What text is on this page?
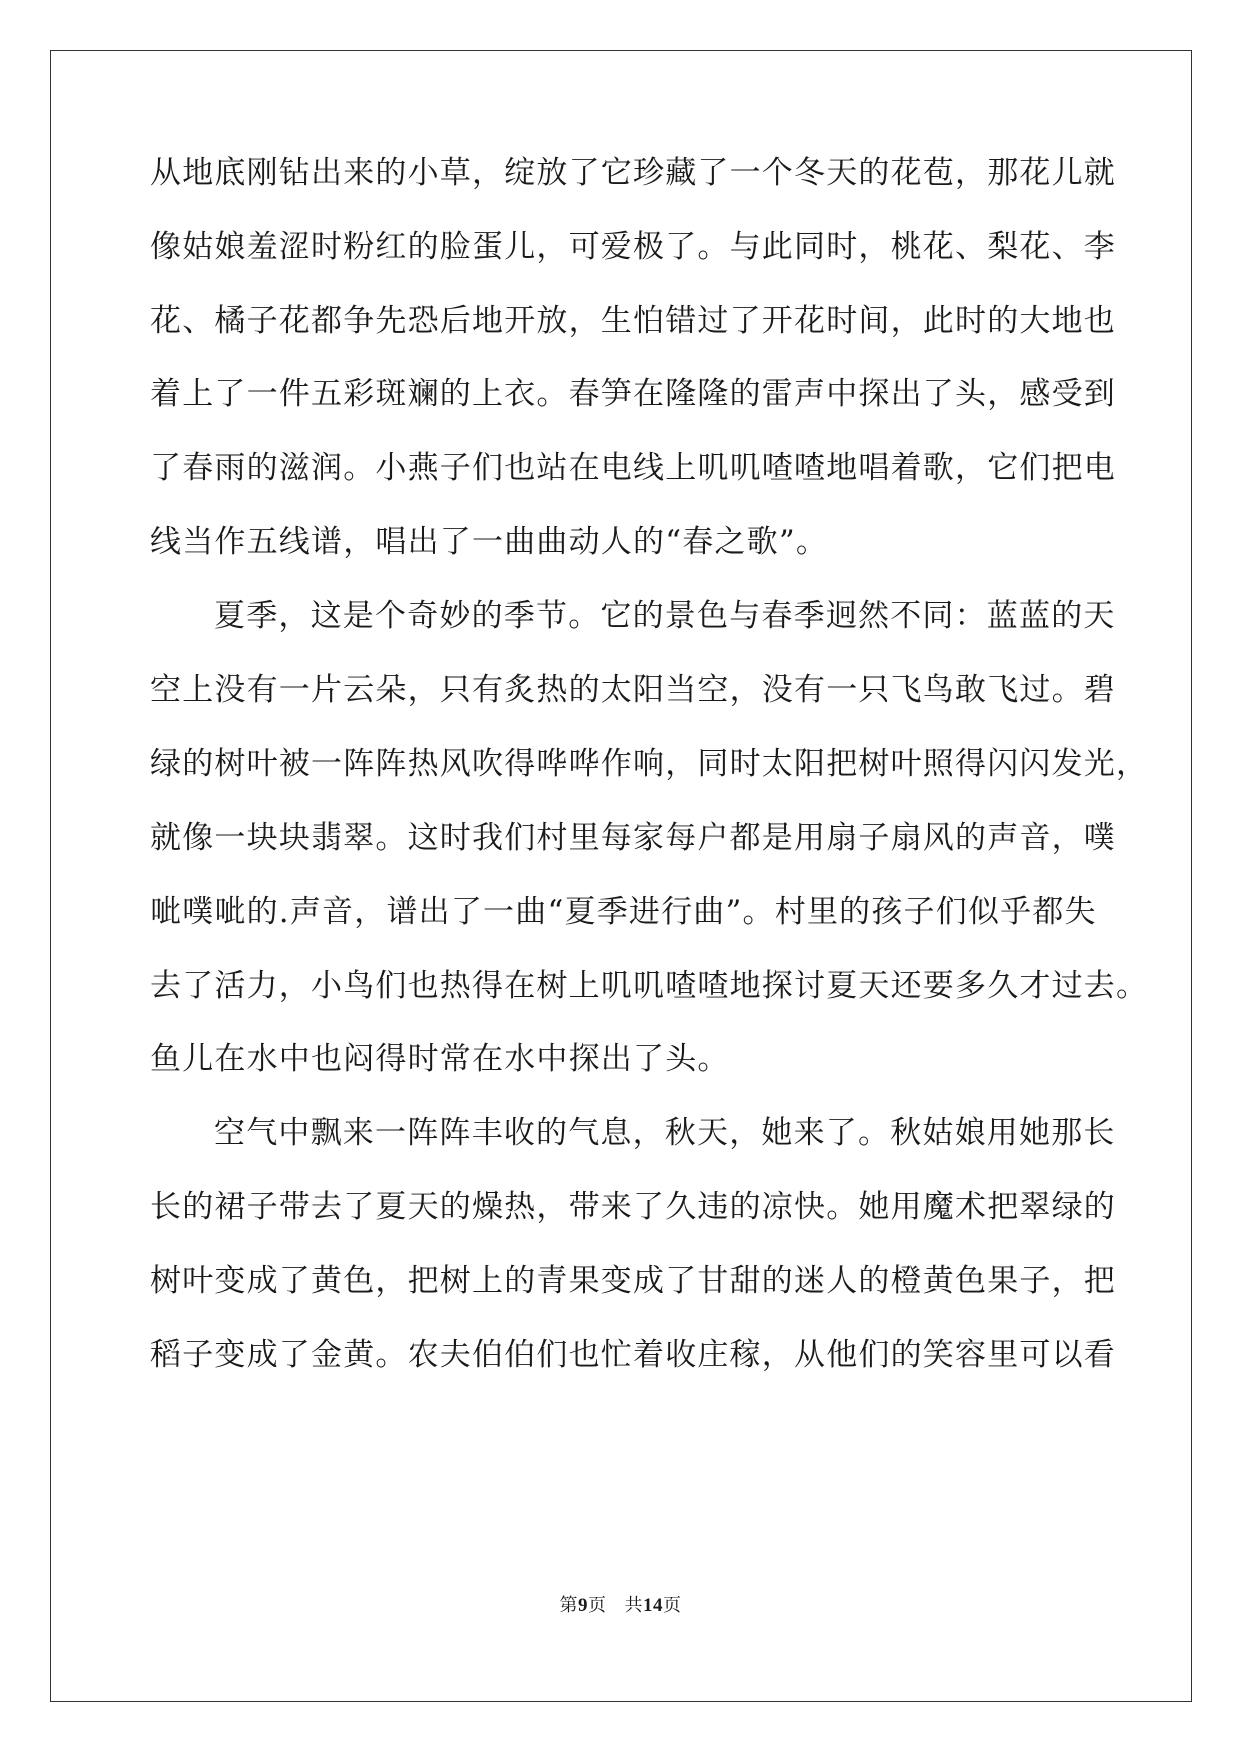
从地底刚钻出来的小草，绽放了它珍藏了一个冬天的花苞，那花儿就

像姑娘羞涩时粉红的脸蛋儿，可爱极了。与此同时，桃花、梨花、李

花、橘子花都争先恐后地开放，生怕错过了开花时间，此时的大地也

着上了一件五彩斑斓的上衣。春笋在隆隆的雷声中探出了头，感受到

了春雨的滋润。小燕子们也站在电线上叽叽喳喳地唱着歌，它们把电

线当作五线谱，唱出了一曲曲动人的“春之歌”。

夏季，这是个奇妙的季节。它的景色与春季迥然不同：蓝蓝的天

空上没有一片云朵，只有炙热的太阳当空，没有一只飞鸟敢飞过。碧

绿的树叶被一阵阵热风吹得哗哗作响，同时太阳把树叶照得闪闪发光，

就像一块块翡翠。这时我们村里每家每户都是用扇子扇风的声音，噗

呲噗呲的.声音，谱出了一曲“夏季进行曲”。村里的孩子们似乎都失

去了活力，小鸟们也热得在树上叽叽喳喳地探讨夏天还要多久才过去。

鱼儿在水中也闷得时常在水中探出了头。

空气中飘来一阵阵丰收的气息，秋天，她来了。秋姑娘用她那长

长的裙子带去了夏天的燥热，带来了久违的凉快。她用魔术把翠绿的

树叶变成了黄色，把树上的青果变成了甘甜的迷人的橙黄色果子，把

稻子变成了金黄。农夫伯伯们也忙着收庄稼，从他们的笑容里可以看

第9页 共14页
